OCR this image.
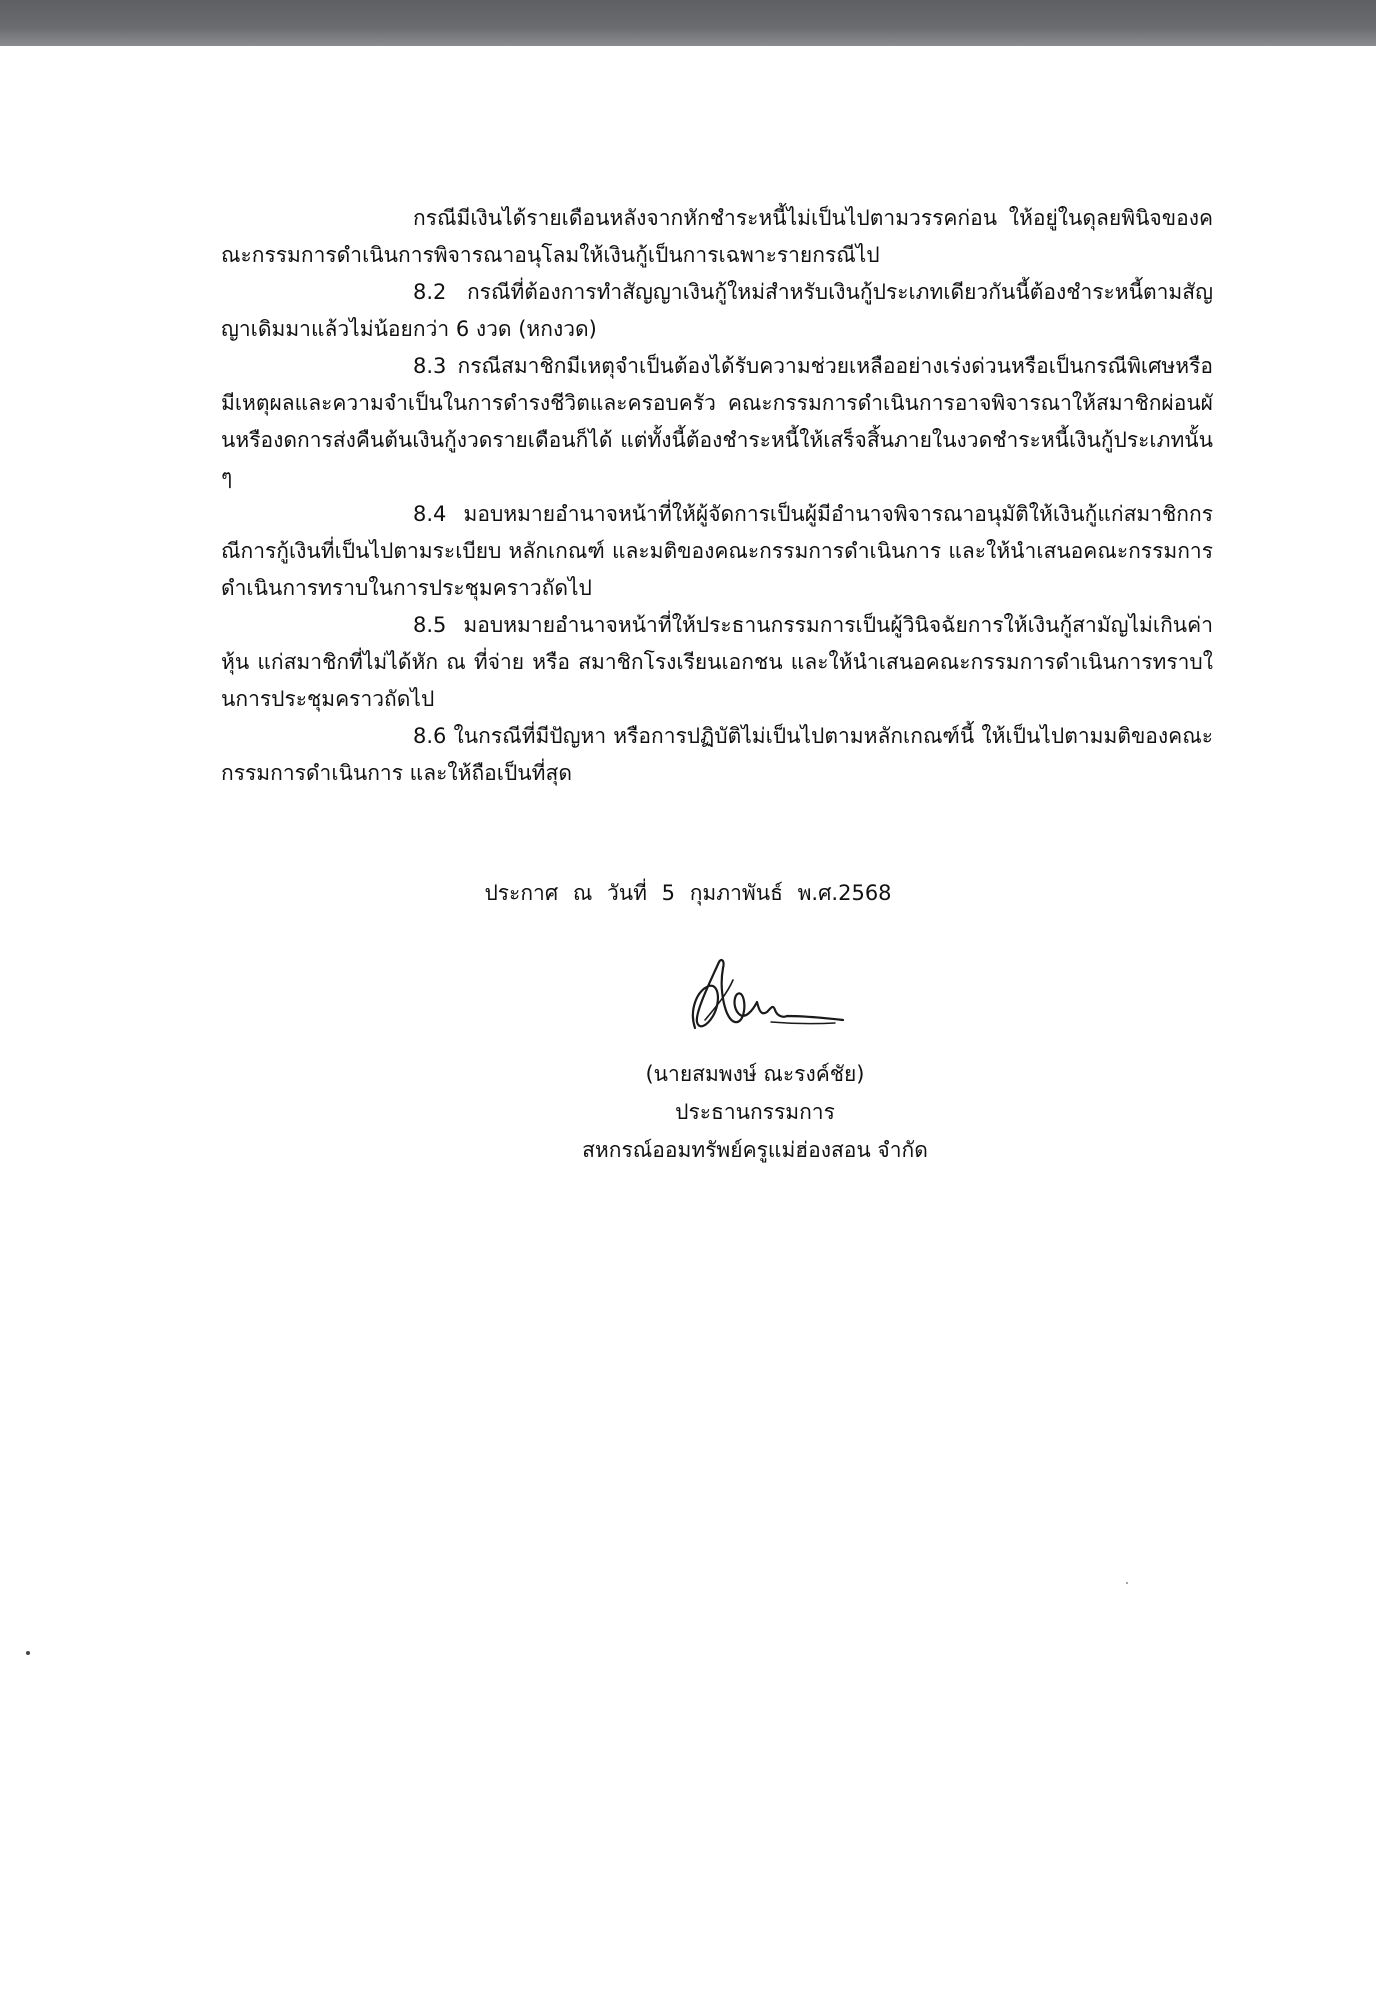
กรณีมีเงินได้รายเดือนหลังจากหักชำระหนี้ไม่เป็นไปตามวรรคก่อน ให้อยู่ในดุลยพินิจของคณะกรรมการดำเนินการพิจารณาอนุโลมให้เงินกู้เป็นการเฉพาะรายกรณีไป

8.2 กรณีที่ต้องการทำสัญญาเงินกู้ใหม่สำหรับเงินกู้ประเภทเดียวกันนี้ต้องชำระหนี้ตามสัญญาเดิมมาแล้วไม่น้อยกว่า 6 งวด (หกงวด)

8.3 กรณีสมาชิกมีเหตุจำเป็นต้องได้รับความช่วยเหลืออย่างเร่งด่วนหรือเป็นกรณีพิเศษหรือมีเหตุผลและความจำเป็นในการดำรงชีวิตและครอบครัว คณะกรรมการดำเนินการอาจพิจารณาให้สมาชิกผ่อนผันหรืองดการส่งคืนต้นเงินกู้งวดรายเดือนก็ได้ แต่ทั้งนี้ต้องชำระหนี้ให้เสร็จสิ้นภายในงวดชำระหนี้เงินกู้ประเภทนั้นๆ

8.4 มอบหมายอำนาจหน้าที่ให้ผู้จัดการเป็นผู้มีอำนาจพิจารณาอนุมัติให้เงินกู้แก่สมาชิกกรณีการกู้เงินที่เป็นไปตามระเบียบ หลักเกณฑ์ และมติของคณะกรรมการดำเนินการ และให้นำเสนอคณะกรรมการดำเนินการทราบในการประชุมคราวถัดไป

8.5 มอบหมายอำนาจหน้าที่ให้ประธานกรรมการเป็นผู้วินิจฉัยการให้เงินกู้สามัญไม่เกินค่าหุ้น แก่สมาชิกที่ไม่ได้หัก ณ ที่จ่าย หรือ สมาชิกโรงเรียนเอกชน และให้นำเสนอคณะกรรมการดำเนินการทราบในการประชุมคราวถัดไป

8.6 ในกรณีที่มีปัญหา หรือการปฏิบัติไม่เป็นไปตามหลักเกณฑ์นี้ ให้เป็นไปตามมติของคณะกรรมการดำเนินการ และให้ถือเป็นที่สุด

ประกาศ ณ วันที่ 5 กุมภาพันธ์ พ.ศ.2568
(นายสมพงษ์ ณะรงค์ชัย)
ประธานกรรมการ
สหกรณ์ออมทรัพย์ครูแม่ฮ่องสอน จำกัด
